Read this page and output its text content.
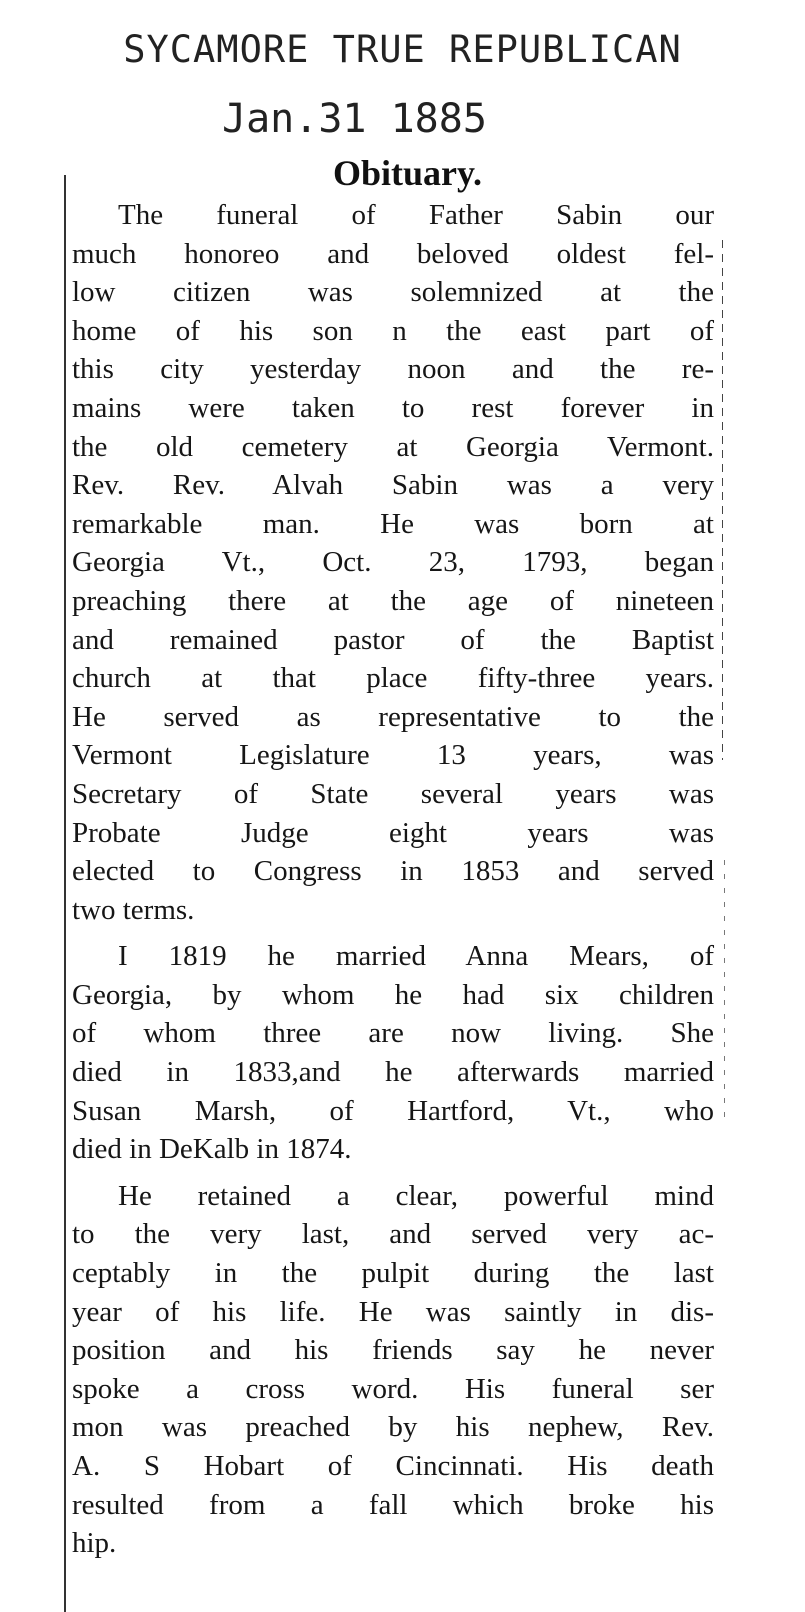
SYCAMORE TRUE REPUBLICAN
Jan.31 1885
Obituary.
The funeral of Father Sabin our
much honoreo and beloved oldest fel-
low citizen was solemnized at the
home of his son n the east part of
this city yesterday noon and the re-
mains were taken to rest forever in
the old cemetery at Georgia Vermont.
Rev. Rev. Alvah Sabin was a very
remarkable man. He was born at
Georgia Vt., Oct. 23, 1793, began
preaching there at the age of nineteen
and remained pastor of the Baptist
church at that place fifty-three years.
He served as representative to the
Vermont Legislature 13 years, was
Secretary of State several years was
Probate Judge eight years was
elected to Congress in 1853 and served
two terms.
I 1819 he married Anna Mears, of
Georgia, by whom he had six children
of whom three are now living. She
died in 1833,and he afterwards married
Susan Marsh, of Hartford, Vt., who
died in DeKalb in 1874.
He retained a clear, powerful mind
to the very last, and served very ac-
ceptably in the pulpit during the last
year of his life. He was saintly in dis-
position and his friends say he never
spoke a cross word. His funeral ser
mon was preached by his nephew, Rev.
A. S Hobart of Cincinnati. His death
resulted from a fall which broke his
hip.
